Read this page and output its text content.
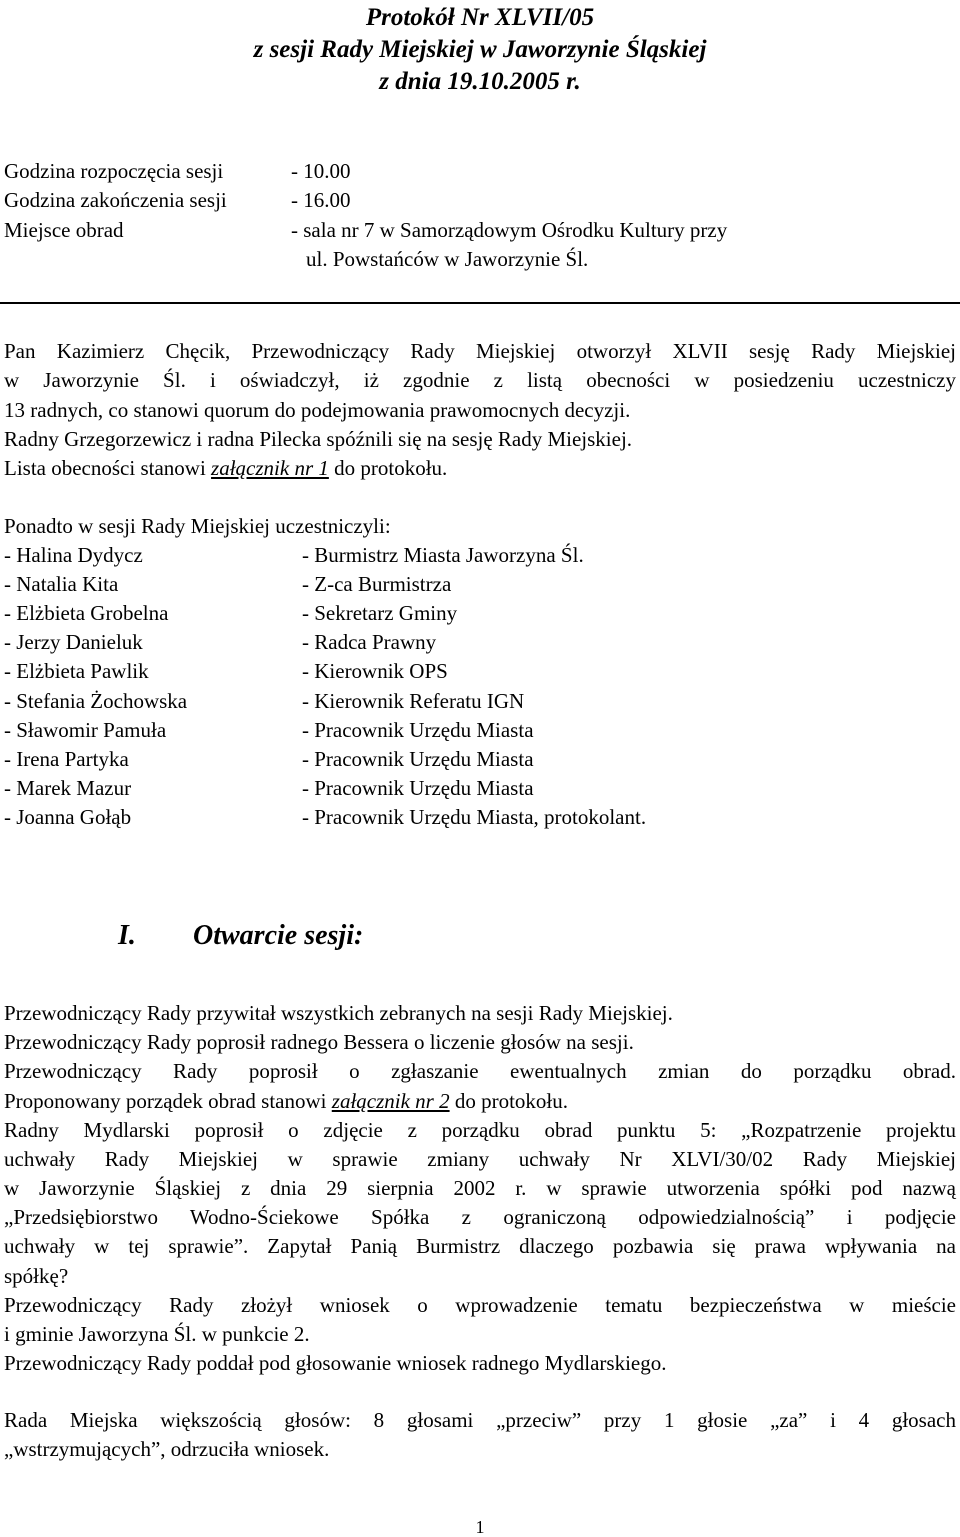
Protokół Nr XLVII/05
z sesji Rady Miejskiej w Jaworzynie Śląskiej
z dnia 19.10.2005 r.
Godzina rozpoczęcia sesji	- 10.00
Godzina zakończenia sesji	- 16.00
Miejsce obrad	- sala nr 7 w Samorządowym Ośrodku Kultury przy
ul. Powstańców w Jaworzynie Śl.
Pan Kazimierz Chęcik, Przewodniczący Rady Miejskiej otworzył XLVII sesję Rady Miejskiej
w Jaworzynie Śl. i oświadczył, iż zgodnie z listą obecności w posiedzeniu uczestniczy
13 radnych, co stanowi quorum do podejmowania prawomocnych decyzji.
Radny Grzegorzewicz i radna Pilecka spóźnili się na sesję Rady Miejskiej.
Lista obecności stanowi załącznik nr 1 do protokołu.
Ponadto w sesji Rady Miejskiej uczestniczyli:
- Halina Dydycz	- Burmistrz Miasta Jaworzyna Śl.
- Natalia Kita	- Z-ca Burmistrza
- Elżbieta Grobelna	- Sekretarz Gminy
- Jerzy Danieluk	- Radca Prawny
- Elżbieta Pawlik	- Kierownik OPS
- Stefania Żochowska	- Kierownik Referatu IGN
- Sławomir Pamuła	- Pracownik Urzędu Miasta
- Irena Partyka	- Pracownik Urzędu Miasta
- Marek Mazur	- Pracownik Urzędu Miasta
- Joanna Gołąb	- Pracownik Urzędu Miasta, protokolant.
I. Otwarcie sesji:
Przewodniczący Rady przywitał wszystkich zebranych na sesji Rady Miejskiej.
Przewodniczący Rady poprosił radnego Bessera o liczenie głosów na sesji.
Przewodniczący Rady poprosił o zgłaszanie ewentualnych zmian do porządku obrad.
Proponowany porządek obrad stanowi załącznik nr 2 do protokołu.
Radny Mydlarski poprosił o zdjęcie z porządku obrad punktu 5: „Rozpatrzenie projektu
uchwały Rady Miejskiej w sprawie zmiany uchwały Nr XLVI/30/02 Rady Miejskiej
w Jaworzynie Śląskiej z dnia 29 sierpnia 2002 r. w sprawie utworzenia spółki pod nazwą
„Przedsiębiorstwo Wodno-Ściekowe Spółka z ograniczoną odpowiedzialnością” i podjęcie
uchwały w tej sprawie”. Zapytał Panią Burmistrz dlaczego pozbawia się prawa wpływania na
spółkę?
Przewodniczący Rady złożył wniosek o wprowadzenie tematu bezpieczeństwa w mieście
i gminie Jaworzyna Śl. w punkcie 2.
Przewodniczący Rady poddał pod głosowanie wniosek radnego Mydlarskiego.
Rada Miejska większością głosów: 8 głosami „przeciw” przy 1 głosie „za” i 4 głosach
„wstrzymujących”, odrzuciła wniosek.
1
